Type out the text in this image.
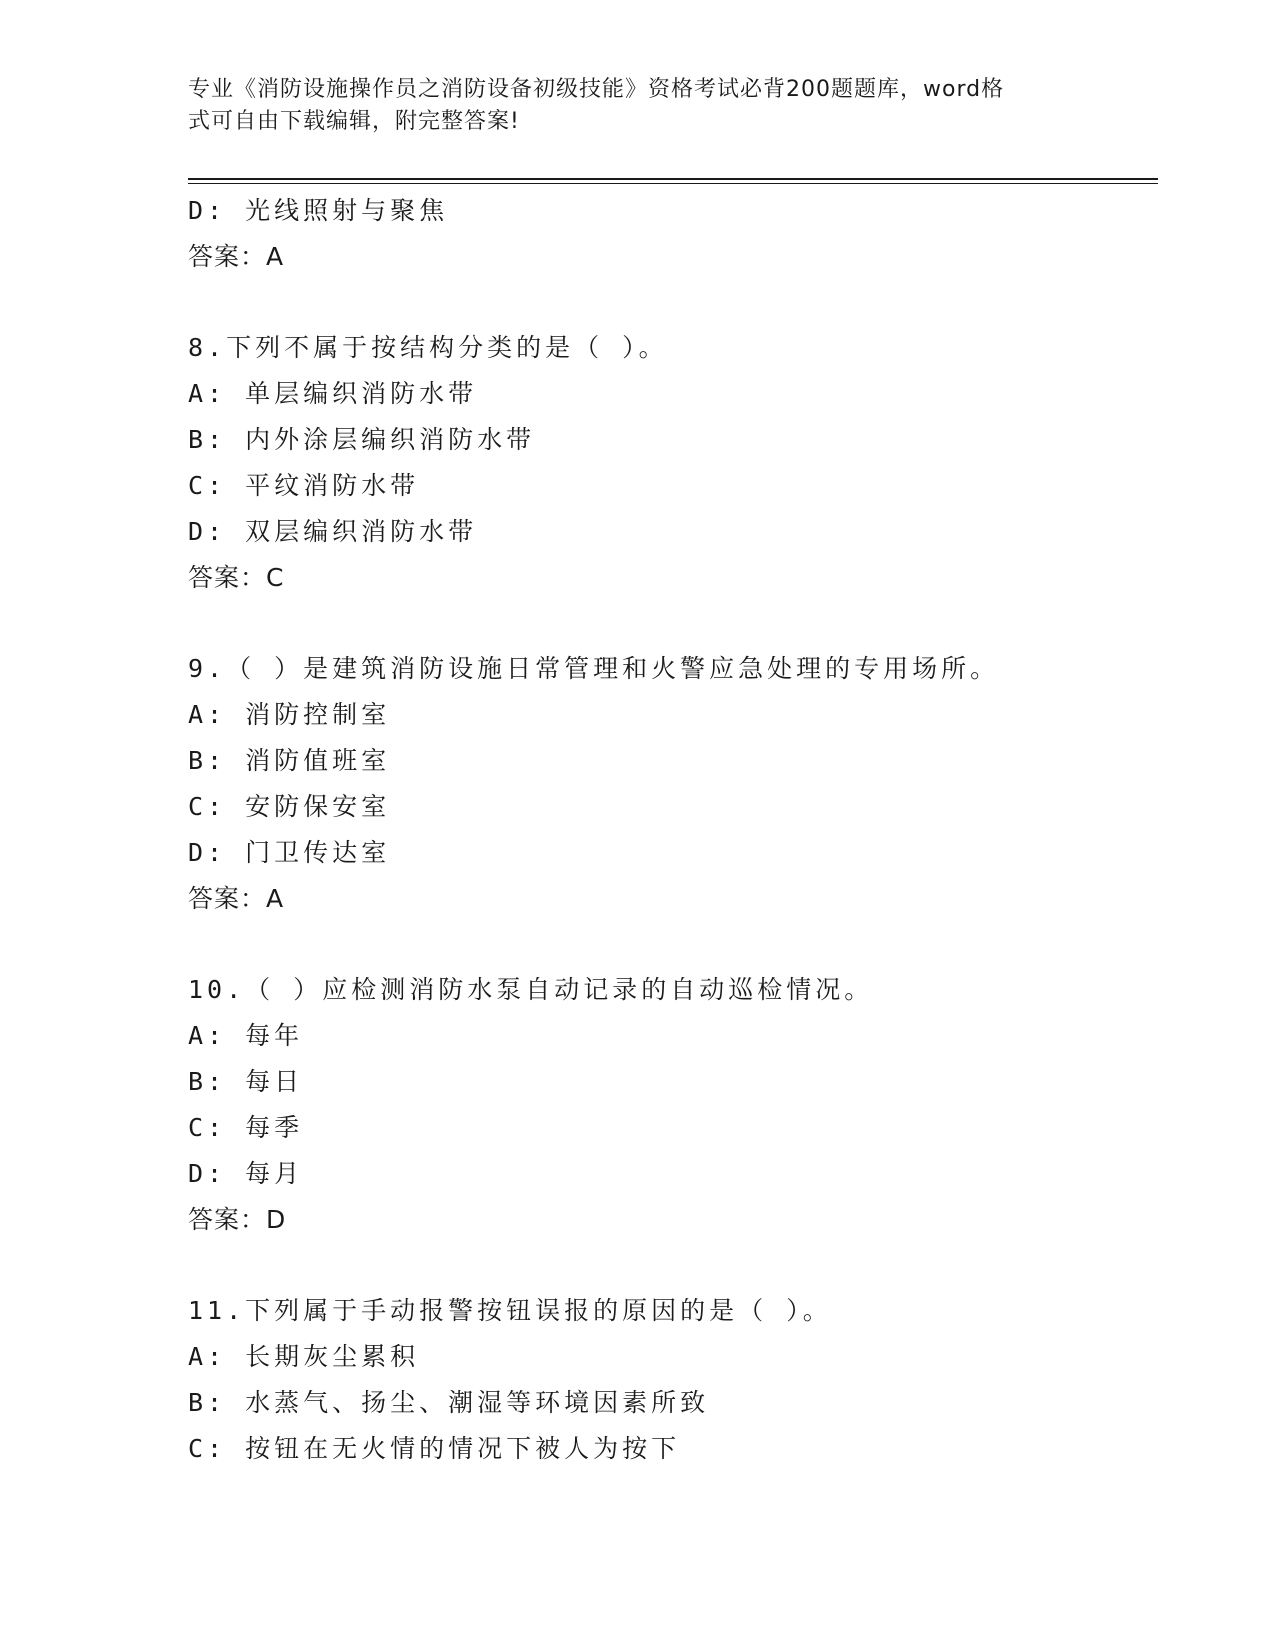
专业《消防设施操作员之消防设备初级技能》资格考试必背200题题库，word格
式可自由下载编辑，附完整答案!
D: 光线照射与聚焦
答案：A
8.下列不属于按结构分类的是（ ）。
A: 单层编织消防水带
B: 内外涂层编织消防水带
C: 平纹消防水带
D: 双层编织消防水带
答案：C
9.（ ）是建筑消防设施日常管理和火警应急处理的专用场所。
A: 消防控制室
B: 消防值班室
C: 安防保安室
D: 门卫传达室
答案：A
10.（ ）应检测消防水泵自动记录的自动巡检情况。
A: 每年
B: 每日
C: 每季
D: 每月
答案：D
11.下列属于手动报警按钮误报的原因的是（ ）。
A: 长期灰尘累积
B: 水蒸气、扬尘、潮湿等环境因素所致
C: 按钮在无火情的情况下被人为按下
